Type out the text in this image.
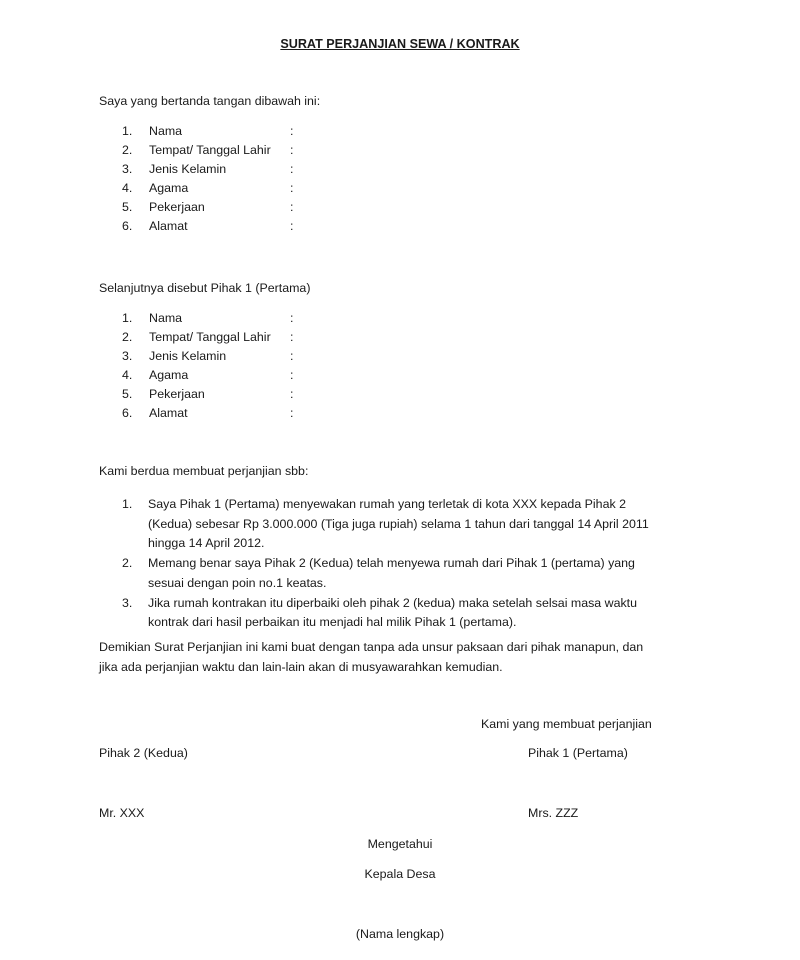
SURAT PERJANJIAN SEWA / KONTRAK
Saya yang bertanda tangan dibawah ini:
1. Nama	:
2. Tempat/ Tanggal Lahir :
3. Jenis Kelamin	:
4. Agama	:
5. Pekerjaan	:
6. Alamat	:
Selanjutnya disebut Pihak 1 (Pertama)
1. Nama	:
2. Tempat/ Tanggal Lahir :
3. Jenis Kelamin	:
4. Agama	:
5. Pekerjaan	:
6. Alamat	:
Kami berdua membuat perjanjian sbb:
1. Saya Pihak 1 (Pertama) menyewakan rumah yang terletak di kota XXX kepada Pihak 2
(Kedua) sebesar Rp 3.000.000 (Tiga juga rupiah) selama 1 tahun dari tanggal 14 April 2011
hingga 14 April 2012.
2. Memang benar saya Pihak 2 (Kedua) telah menyewa rumah dari Pihak 1 (pertama) yang
sesuai dengan poin no.1 keatas.
3. Jika rumah kontrakan itu diperbaiki oleh pihak 2 (kedua) maka setelah selsai masa waktu
kontrak dari hasil perbaikan itu menjadi hal milik Pihak 1 (pertama).
Demikian Surat Perjanjian ini kami buat dengan tanpa ada unsur paksaan dari pihak manapun, dan
jika ada perjanjian waktu dan lain-lain akan di musyawarahkan kemudian.
Kami yang membuat perjanjian
Pihak 2 (Kedua)	Pihak 1 (Pertama)
Mr. XXX	Mrs. ZZZ
Mengetahui
Kepala Desa
(Nama lengkap)
